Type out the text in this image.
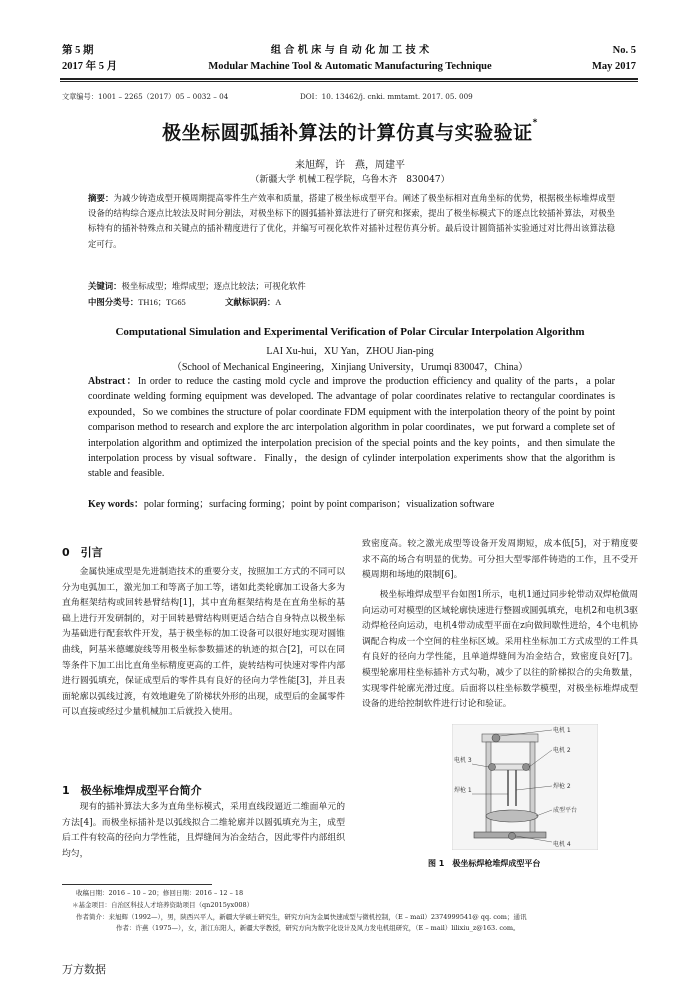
第 5 期
2017 年 5 月
组 合 机 床 与 自 动 化 加 工 技 术
Modular Machine Tool & Automatic Manufacturing Technique
No. 5
May 2017
文章编号：1001 – 2265（2017）05 – 0032 – 04	DOI：10. 13462/j. cnki. mmtamt. 2017. 05. 009
极坐标圆弧插补算法的计算仿真与实验验证*
来旭辉，许　燕，周建平
（新疆大学 机械工程学院，乌鲁木齐　830047）
摘要：为减少铸造成型开模周期提高零件生产效率和质量，搭建了极坐标成型平台。阐述了极坐标相对直角坐标的优势，根据极坐标堆焊成型设备的结构综合逐点比较法及时间分割法，对极坐标下的圆弧插补算法进行了研究和探索，提出了极坐标模式下的逐点比较插补算法，对极坐标特有的插补特殊点和关键点的插补精度进行了优化，并编写可视化软件对插补过程仿真分析。最后设计圆筒插补实验通过对比得出该算法稳定可行。
关键词：极坐标成型；堆焊成型；逐点比较法；可视化软件
中图分类号：TH16；TG65	文献标识码：A
Computational Simulation and Experimental Verification of Polar Circular Interpolation Algorithm
LAI Xu-hui，XU Yan，ZHOU Jian-ping
（School of Mechanical Engineering，Xinjiang University，Urumqi 830047，China）
Abstract：In order to reduce the casting mold cycle and improve the production efficiency and quality of the parts，a polar coordinate welding forming equipment was developed. The advantage of polar coordinates relative to rectangular coordinates is expounded，So we combines the structure of polar coordinate FDM equipment with the interpolation theory of the point by point comparison method to research and explore the arc interpolation algorithm in polar coordinates，we put forward a complete set of interpolation algorithm and optimized the interpolation precision of the special points and the key points，and then simulate the interpolation process by visual software．Finally，the design of cylinder interpolation experiments show that the algorithm is stable and feasible.
Key words：polar forming；surfacing forming；point by point comparison；visualization software
0　引言
金属快速成型是先进制造技术的重要分支，按照加工方式的不同可以分为电弧加工，激光加工和等离子加工等，诸如此类轮廓加工设备大多为直角框架结构或回转悬臂结构[1]，其中直角框架结构是在直角坐标的基础上进行开发研制的，对于回转悬臂结构则更适合结合自身特点以极坐标为基础进行配套软件开发，基于极坐标的加工设备可以很好地实现对圆锥曲线，阿基米德螺旋线等用极坐标参数描述的轨迹的拟合[2]，可以在同等条件下加工出比直角坐标精度更高的工件，旋转结构可快速对零件内部进行圆弧填充，保证成型后的零件具有良好的径向力学性能[3]，并且表面轮廓以弧线过渡，有效地避免了阶梯状外形的出现，成型后的金属零件可以直接或经过少量机械加工后就投入使用。
1　极坐标堆焊成型平台简介
现有的插补算法大多为直角坐标模式，采用直线段逼近二维面单元的方法[4]。而极坐标插补是以弧线拟合二维轮廓并以圆弧填充为主，成型后工件有较高的径向力学性能，且焊缝间为冶金结合，因此零件内部组织均匀，
致密度高。较之激光成型等设备开发周期短，成本低[5]，对于精度要求不高的场合有明显的优势。可分担大型零部件铸造的工作，且不受开模周期和场地的限制[6]。
极坐标堆焊成型平台如图1所示，电机1通过同步轮带动双焊枪做周向运动可对模型的区域轮廓快速进行整圆或圆弧填充，电机2和电机3驱动焊枪径向运动，电机4带动成型平面在z向做间歇性进给，4个电机协调配合构成一个空间的柱坐标区域。采用柱坐标加工方式成型的工件具有良好的径向力学性能，且单道焊缝间为冶金结合，致密度良好[7]。模型轮廓用柱坐标插补方式勾勒，减少了以往的阶梯拟合的尖角数量，实现零件轮廓光滑过度。后面将以柱坐标数学模型，对极坐标堆焊成型设备的进给控制软件进行讨论和验证。
电机 1
电机 2
电机 3
电机 4
焊枪 1
焊枪 2
成型平台
图 1　极坐标焊枪堆焊成型平台
收稿日期：2016 – 10 – 20；修回日期：2016 – 12 – 18
＊基金项目：自治区科技人才培养资助项目（qn2015yx008）
作者简介：来旭辉（1992—），男，陕西兴平人，新疆大学硕士研究生，研究方向为金属快速成型与微机控制，（E – mail）2374999541@ qq. com；通讯
作者：许燕（1975—），女，浙江东阳人，新疆大学教授，研究方向为数字化设计及风力发电机组研究，（E – mail）lilixiu_z@163. com。
万方数据
